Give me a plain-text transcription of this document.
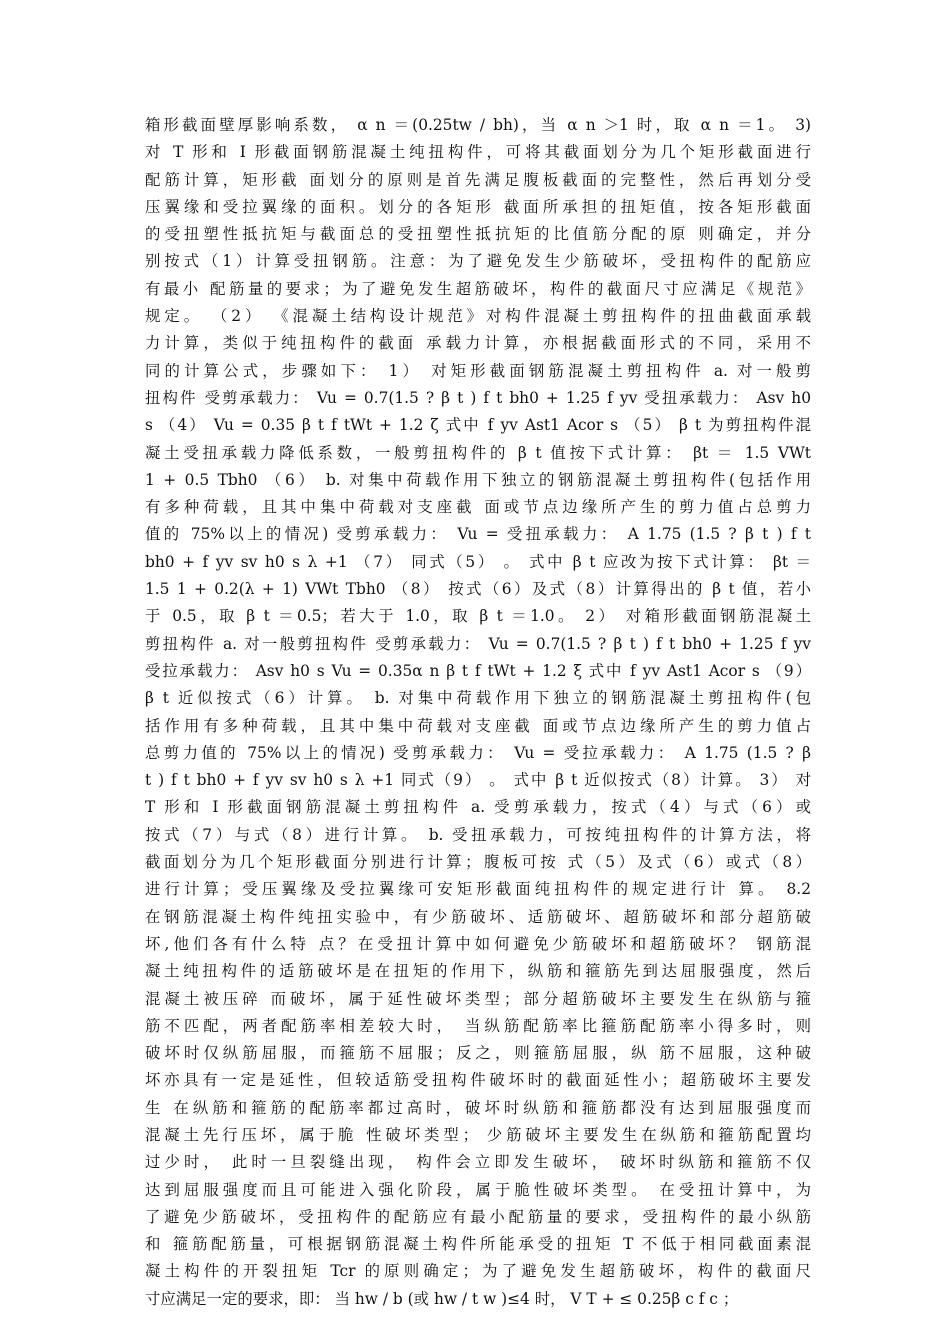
箱形截面壁厚影响系数， α n ＝(0.25tw / bh)，当 α n ＞1 时，取 α n ＝1。 3)
对 T 形和 I 形截面钢筋混凝土纯扭构件，可将其截面划分为几个矩形截面进行
配筋计算，矩形截 面划分的原则是首先满足腹板截面的完整性，然后再划分受
压翼缘和受拉翼缘的面积。划分的各矩形 截面所承担的扭矩值，按各矩形截面
的受扭塑性抵抗矩与截面总的受扭塑性抵抗矩的比值筋分配的原 则确定，并分
别按式（1）计算受扭钢筋。注意：为了避免发生少筋破坏，受扭构件的配筋应
有最小 配筋量的要求；为了避免发生超筋破坏，构件的截面尺寸应满足《规范》
规定。 （2） 《混凝土结构设计规范》对构件混凝土剪扭构件的扭曲截面承载
力计算，类似于纯扭构件的截面 承载力计算，亦根据截面形式的不同，采用不
同的计算公式，步骤如下： 1） 对矩形截面钢筋混凝土剪扭构件 a. 对一般剪
扭构件 受剪承载力： Vu = 0.7(1.5 ? β t ) f t bh0 + 1.25 f yv 受扭承载力： Asv h0
s （4） Vu = 0.35 β t f tWt + 1.2 ζ 式中 f yv Ast1 Acor s （5） β t 为剪扭构件混
凝土受扭承载力降低系数，一般剪扭构件的 β t 值按下式计算： βt ＝ 1.5 VWt
1 + 0.5 Tbh0 （6） b. 对集中荷载作用下独立的钢筋混凝土剪扭构件(包括作用
有多种荷载，且其中集中荷载对支座截 面或节点边缘所产生的剪力值占总剪力
值的 75%以上的情况) 受剪承载力： Vu = 受扭承载力： A 1.75 (1.5 ? β t ) f t
bh0 + f yv sv h0 s λ +1 （7） 同式（5） 。 式中 β t 应改为按下式计算： βt ＝
1.5 1 + 0.2(λ + 1) VWt Tbh0 （8） 按式（6）及式（8）计算得出的 β t 值，若小
于 0.5，取 β t ＝0.5；若大于 1.0，取 β t ＝1.0。 2） 对箱形截面钢筋混凝土
剪扭构件 a. 对一般剪扭构件 受剪承载力： Vu = 0.7(1.5 ? β t ) f t bh0 + 1.25 f yv
受拉承载力： Asv h0 s Vu = 0.35α n β t f tWt + 1.2 ξ 式中 f yv Ast1 Acor s （9）
β t 近似按式（6）计算。 b. 对集中荷载作用下独立的钢筋混凝土剪扭构件(包
括作用有多种荷载，且其中集中荷载对支座截 面或节点边缘所产生的剪力值占
总剪力值的 75%以上的情况) 受剪承载力： Vu = 受拉承载力： A 1.75 (1.5 ? β
t ) f t bh0 + f yv sv h0 s λ +1 同式（9） 。 式中 β t 近似按式（8）计算。 3） 对
T 形和 I 形截面钢筋混凝土剪扭构件 a. 受剪承载力，按式（4）与式（6）或
按式（7）与式（8）进行计算。 b. 受扭承载力，可按纯扭构件的计算方法，将
截面划分为几个矩形截面分别进行计算；腹板可按 式（5）及式（6）或式（8）
进行计算；受压翼缘及受拉翼缘可安矩形截面纯扭构件的规定进行计 算。 8.2
在钢筋混凝土构件纯扭实验中，有少筋破坏、适筋破坏、超筋破坏和部分超筋破
坏,他们各有什么特 点？在受扭计算中如何避免少筋破坏和超筋破坏？ 钢筋混
凝土纯扭构件的适筋破坏是在扭矩的作用下，纵筋和箍筋先到达屈服强度，然后
混凝土被压碎 而破坏，属于延性破坏类型；部分超筋破坏主要发生在纵筋与箍
筋不匹配，两者配筋率相差较大时， 当纵筋配筋率比箍筋配筋率小得多时，则
破坏时仅纵筋屈服，而箍筋不屈服；反之，则箍筋屈服，纵 筋不屈服，这种破
坏亦具有一定是延性，但较适筋受扭构件破坏时的截面延性小；超筋破坏主要发
生 在纵筋和箍筋的配筋率都过高时，破坏时纵筋和箍筋都没有达到屈服强度而
混凝土先行压坏，属于脆 性破坏类型； 少筋破坏主要发生在纵筋和箍筋配置均
过少时， 此时一旦裂缝出现， 构件会立即发生破坏， 破坏时纵筋和箍筋不仅
达到屈服强度而且可能进入强化阶段，属于脆性破坏类型。 在受扭计算中，为
了避免少筋破坏，受扭构件的配筋应有最小配筋量的要求，受扭构件的最小纵筋
和 箍筋配筋量，可根据钢筋混凝土构件所能承受的扭矩 T 不低于相同截面素混
凝土构件的开裂扭矩 Tcr 的原则确定；为了避免发生超筋破坏，构件的截面尺
寸应满足一定的要求，即： 当 hw / b (或 hw / t w )≤4 时， V T + ≤ 0.25β c f c ；
